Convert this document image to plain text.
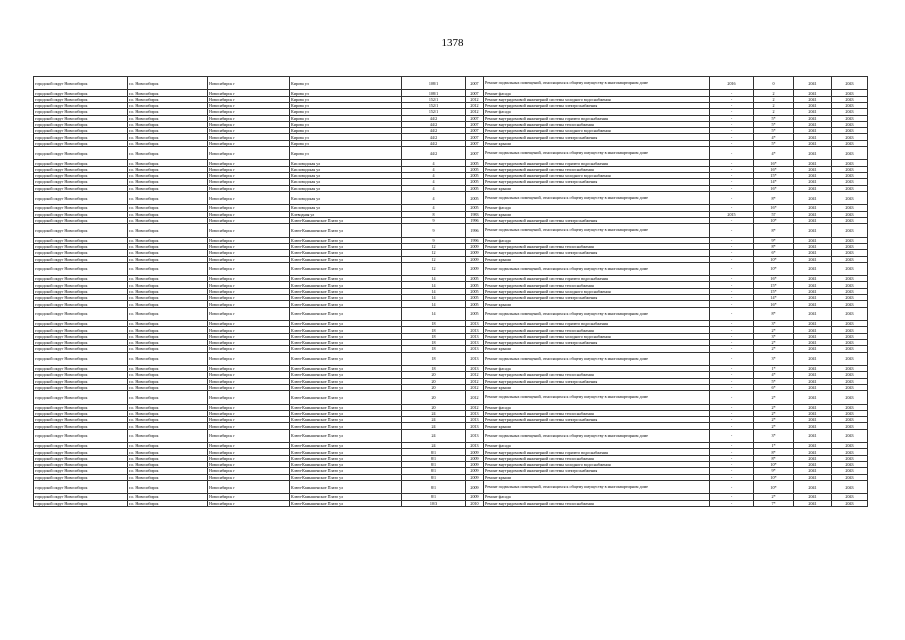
1378
городской округ Новосибирск	г.о. Новосибирск	Новосибирск г	Кирова ул	108/1	2007	Ремонт подвальных помещений, относящихся к общему имуществу в многоквартирном доме	2016	0	2041	2043
городской округ Новосибирск	г.о. Новосибирск	Новосибирск г	Кирова ул	108/1	2007	Ремонт фасада	-	2	2041	2043
городской округ Новосибирск	г.о. Новосибирск	Новосибирск г	Кирова ул	152/1	2012	Ремонт внутридомовой инженерной системы холодного водоснабжения	-	2	2041	2043
городской округ Новосибирск	г.о. Новосибирск	Новосибирск г	Кирова ул	152/1	2012	Ремонт внутридомовой инженерной системы электроснабжения	-	2	2041	2043
городской округ Новосибирск	г.о. Новосибирск	Новосибирск г	Кирова ул	152/1	2012	Ремонт фасада	-	2	2041	2043
городской округ Новосибирск	г.о. Новосибирск	Новосибирск г	Кирова ул	44/2	2007	Ремонт внутридомовой инженерной системы горячего водоснабжения	-	5*	2041	2043
городской округ Новосибирск	г.о. Новосибирск	Новосибирск г	Кирова ул	44/2	2007	Ремонт внутридомовой инженерной системы теплоснабжения	-	5*	2041	2043
городской округ Новосибирск	г.о. Новосибирск	Новосибирск г	Кирова ул	44/2	2007	Ремонт внутридомовой инженерной системы холодного водоснабжения	-	5*	2041	2043
городской округ Новосибирск	г.о. Новосибирск	Новосибирск г	Кирова ул	44/2	2007	Ремонт внутридомовой инженерной системы электроснабжения	-	4*	2041	2043
городской округ Новосибирск	г.о. Новосибирск	Новосибирск г	Кирова ул	44/2	2007	Ремонт крыши	-	5*	2041	2043
городской округ Новосибирск	г.о. Новосибирск	Новосибирск г	Кирова ул	44/2	2007	Ремонт подвальных помещений, относящихся к общему имуществу в многоквартирном доме	-	4*	2041	2043
городской округ Новосибирск	г.о. Новосибирск	Новосибирск г	Кисловодская ул	4	2005	Ремонт внутридомовой инженерной системы горячего водоснабжения	-	16*	2041	2043
городской округ Новосибирск	г.о. Новосибирск	Новосибирск г	Кисловодская ул	4	2005	Ремонт внутридомовой инженерной системы теплоснабжения	-	16*	2041	2043
городской округ Новосибирск	г.о. Новосибирск	Новосибирск г	Кисловодская ул	4	2005	Ремонт внутридомовой инженерной системы холодного водоснабжения	-	15*	2041	2043
городской округ Новосибирск	г.о. Новосибирск	Новосибирск г	Кисловодская ул	4	2005	Ремонт внутридомовой инженерной системы электроснабжения	-	14*	2041	2043
городской округ Новосибирск	г.о. Новосибирск	Новосибирск г	Кисловодская ул	4	2005	Ремонт крыши	-	16*	2041	2043
городской округ Новосибирск	г.о. Новосибирск	Новосибирск г	Кисловодская ул	4	2005	Ремонт подвальных помещений, относящихся к общему имуществу в многоквартирном доме	-	8*	2041	2043
городской округ Новосибирск	г.о. Новосибирск	Новосибирск г	Кисловодская ул	4	2005	Ремонт фасада	-	16*	2041	2043
городской округ Новосибирск	г.о. Новосибирск	Новосибирск г	Клеводная ул	8	1983	Ремонт крыши	2015	57	2041	2043
городской округ Новосибирск	г.о. Новосибирск	Новосибирск г	Ключ-Камышенское Плато ул	9	1996	Ремонт внутридомовой инженерной системы электроснабжения	-	10*	2041	2043
городской округ Новосибирск	г.о. Новосибирск	Новосибирск г	Ключ-Камышенское Плато ул	9	1996	Ремонт подвальных помещений, относящихся к общему имуществу в многоквартирном доме	-	8*	2041	2043
городской округ Новосибирск	г.о. Новосибирск	Новосибирск г	Ключ-Камышенское Плато ул	9	1996	Ремонт фасада	-	9*	2041	2043
городской округ Новосибирск	г.о. Новосибирск	Новосибирск г	Ключ-Камышенское Плато ул	12	2009	Ремонт внутридомовой инженерной системы теплоснабжения	-	8*	2041	2043
городской округ Новосибирск	г.о. Новосибирск	Новосибирск г	Ключ-Камышенское Плато ул	12	2009	Ремонт внутридомовой инженерной системы электроснабжения	-	6*	2041	2043
городской округ Новосибирск	г.о. Новосибирск	Новосибирск г	Ключ-Камышенское Плато ул	12	2009	Ремонт крыши	-	10*	2041	2043
городской округ Новосибирск	г.о. Новосибирск	Новосибирск г	Ключ-Камышенское Плато ул	12	2009	Ремонт подвальных помещений, относящихся к общему имуществу в многоквартирном доме	-	10*	2041	2043
городской округ Новосибирск	г.о. Новосибирск	Новосибирск г	Ключ-Камышенское Плато ул	14	2005	Ремонт внутридомовой инженерной системы горячего водоснабжения	-	16*	2041	2043
городской округ Новосибирск	г.о. Новосибирск	Новосибирск г	Ключ-Камышенское Плато ул	14	2005	Ремонт внутридомовой инженерной системы теплоснабжения	-	15*	2041	2043
городской округ Новосибирск	г.о. Новосибирск	Новосибирск г	Ключ-Камышенское Плато ул	14	2005	Ремонт внутридомовой инженерной системы холодного водоснабжения	-	15*	2041	2043
городской округ Новосибирск	г.о. Новосибирск	Новосибирск г	Ключ-Камышенское Плато ул	14	2005	Ремонт внутридомовой инженерной системы электроснабжения	-	14*	2041	2043
городской округ Новосибирск	г.о. Новосибирск	Новосибирск г	Ключ-Камышенское Плато ул	14	2005	Ремонт крыши	-	16*	2041	2043
городской округ Новосибирск	г.о. Новосибирск	Новосибирск г	Ключ-Камышенское Плато ул	14	2005	Ремонт подвальных помещений, относящихся к общему имуществу в многоквартирном доме	-	8*	2041	2043
городской округ Новосибирск	г.о. Новосибирск	Новосибирск г	Ключ-Камышенское Плато ул	18	2013	Ремонт внутридомовой инженерной системы горячего водоснабжения	-	3*	2041	2043
городской округ Новосибирск	г.о. Новосибирск	Новосибирск г	Ключ-Камышенское Плато ул	18	2013	Ремонт внутридомовой инженерной системы теплоснабжения	-	2*	2041	2043
городской округ Новосибирск	г.о. Новосибирск	Новосибирск г	Ключ-Камышенское Плато ул	18	2013	Ремонт внутридомовой инженерной системы холодного водоснабжения	-	3*	2041	2043
городской округ Новосибирск	г.о. Новосибирск	Новосибирск г	Ключ-Камышенское Плато ул	18	2013	Ремонт внутридомовой инженерной системы электроснабжения	-	2*	2041	2043
городской округ Новосибирск	г.о. Новосибирск	Новосибирск г	Ключ-Камышенское Плато ул	18	2013	Ремонт крыши	-	2*	2041	2043
городской округ Новосибирск	г.о. Новосибирск	Новосибирск г	Ключ-Камышенское Плато ул	18	2013	Ремонт подвальных помещений, относящихся к общему имуществу в многоквартирном доме	-	3*	2041	2043
городской округ Новосибирск	г.о. Новосибирск	Новосибирск г	Ключ-Камышенское Плато ул	18	2013	Ремонт фасада	-	1*	2041	2043
городской округ Новосибирск	г.о. Новосибирск	Новосибирск г	Ключ-Камышенское Плато ул	20	2012	Ремонт внутридомовой инженерной системы теплоснабжения	-	4*	2041	2043
городской округ Новосибирск	г.о. Новосибирск	Новосибирск г	Ключ-Камышенское Плато ул	20	2012	Ремонт внутридомовой инженерной системы электроснабжения	-	5*	2041	2043
городской округ Новосибирск	г.о. Новосибирск	Новосибирск г	Ключ-Камышенское Плато ул	20	2012	Ремонт крыши	-	6*	2041	2043
городской округ Новосибирск	г.о. Новосибирск	Новосибирск г	Ключ-Камышенское Плато ул	20	2012	Ремонт подвальных помещений, относящихся к общему имуществу в многоквартирном доме	-	2*	2041	2043
городской округ Новосибирск	г.о. Новосибирск	Новосибирск г	Ключ-Камышенское Плато ул	20	2012	Ремонт фасада	-	2*	2041	2043
городской округ Новосибирск	г.о. Новосибирск	Новосибирск г	Ключ-Камышенское Плато ул	24	2013	Ремонт внутридомовой инженерной системы теплоснабжения	-	2*	2041	2043
городской округ Новосибирск	г.о. Новосибирск	Новосибирск г	Ключ-Камышенское Плато ул	24	2013	Ремонт внутридомовой инженерной системы электроснабжения	-	2*	2041	2043
городской округ Новосибирск	г.о. Новосибирск	Новосибирск г	Ключ-Камышенское Плато ул	24	2013	Ремонт крыши	-	2*	2041	2043
городской округ Новосибирск	г.о. Новосибирск	Новосибирск г	Ключ-Камышенское Плато ул	24	2013	Ремонт подвальных помещений, относящихся к общему имуществу в многоквартирном доме	-	3*	2041	2043
городской округ Новосибирск	г.о. Новосибирск	Новосибирск г	Ключ-Камышенское Плато ул	24	2013	Ремонт фасада	-	1*	2041	2043
городской округ Новосибирск	г.о. Новосибирск	Новосибирск г	Ключ-Камышенское Плато ул	8/1	2009	Ремонт внутридомовой инженерной системы горячего водоснабжения	-	8*	2041	2043
городской округ Новосибирск	г.о. Новосибирск	Новосибирск г	Ключ-Камышенское Плато ул	8/1	2009	Ремонт внутридомовой инженерной системы теплоснабжения	-	8*	2041	2043
городской округ Новосибирск	г.о. Новосибирск	Новосибирск г	Ключ-Камышенское Плато ул	8/1	2009	Ремонт внутридомовой инженерной системы холодного водоснабжения	-	10*	2041	2043
городской округ Новосибирск	г.о. Новосибирск	Новосибирск г	Ключ-Камышенское Плато ул	8/1	2009	Ремонт внутридомовой инженерной системы электроснабжения	-	9*	2041	2043
городской округ Новосибирск	г.о. Новосибирск	Новосибирск г	Ключ-Камышенское Плато ул	8/1	2009	Ремонт крыши	-	10*	2041	2043
городской округ Новосибирск	г.о. Новосибирск	Новосибирск г	Ключ-Камышенское Плато ул	8/1	2009	Ремонт подвальных помещений, относящихся к общему имуществу в многоквартирном доме	-	10*	2041	2043
городской округ Новосибирск	г.о. Новосибирск	Новосибирск г	Ключ-Камышенское Плато ул	8/1	2009	Ремонт фасада	-	2*	2041	2043
городской округ Новосибирск	г.о. Новосибирск	Новосибирск г	Ключ-Камышенское Плато ул	10/3	2010	Ремонт внутридомовой инженерной системы теплоснабжения	-	7*	2041	2043
